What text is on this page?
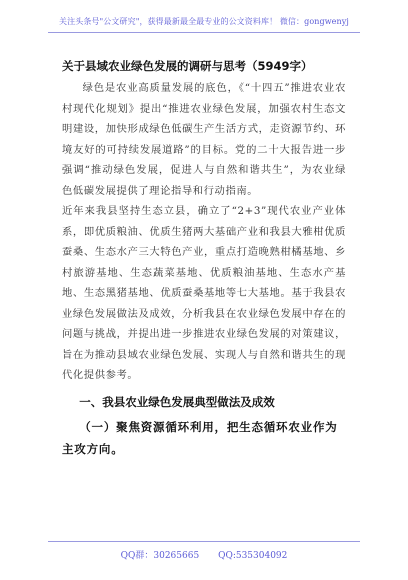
关注头条号"公文研究"，获得最新最全最专业的公文资料库！ 微信：gongwenyj
关于县域农业绿色发展的调研与思考（5949字）

绿色是农业高质量发展的底色，《“十四五”推进农业农村现代化规划》提出“推进农业绿色发展，加强农村生态文明建设，加快形成绿色低碳生产生活方式，走资源节约、环境友好的可持续发展道路”的目标。党的二十大报告进一步强调“推动绿色发展，促进人与自然和谐共生”，为农业绿色低碳发展提供了理论指导和行动指南。

近年来我县坚持生态立县，确立了“2+3”现代农业产业体系，即优质粮油、优质生猪两大基础产业和我县大雅柑优质蚕桑、生态水产三大特色产业，重点打造晚熟柑橘基地、乡村旅游基地、生态蔬菜基地、优质粮油基地、生态水产基地、生态黑猪基地、优质蚕桑基地等七大基地。基于我县农业绿色发展做法及成效，分析我县在农业绿色发展中存在的问题与挑战，并提出进一步推进农业绿色发展的对策建议，旨在为推动县域农业绿色发展、实现人与自然和谐共生的现代化提供参考。

一、我县农业绿色发展典型做法及成效
（一）聚焦资源循环利用，把生态循环农业作为主攻方向。
QQ群：30265665 QQ:535304092
